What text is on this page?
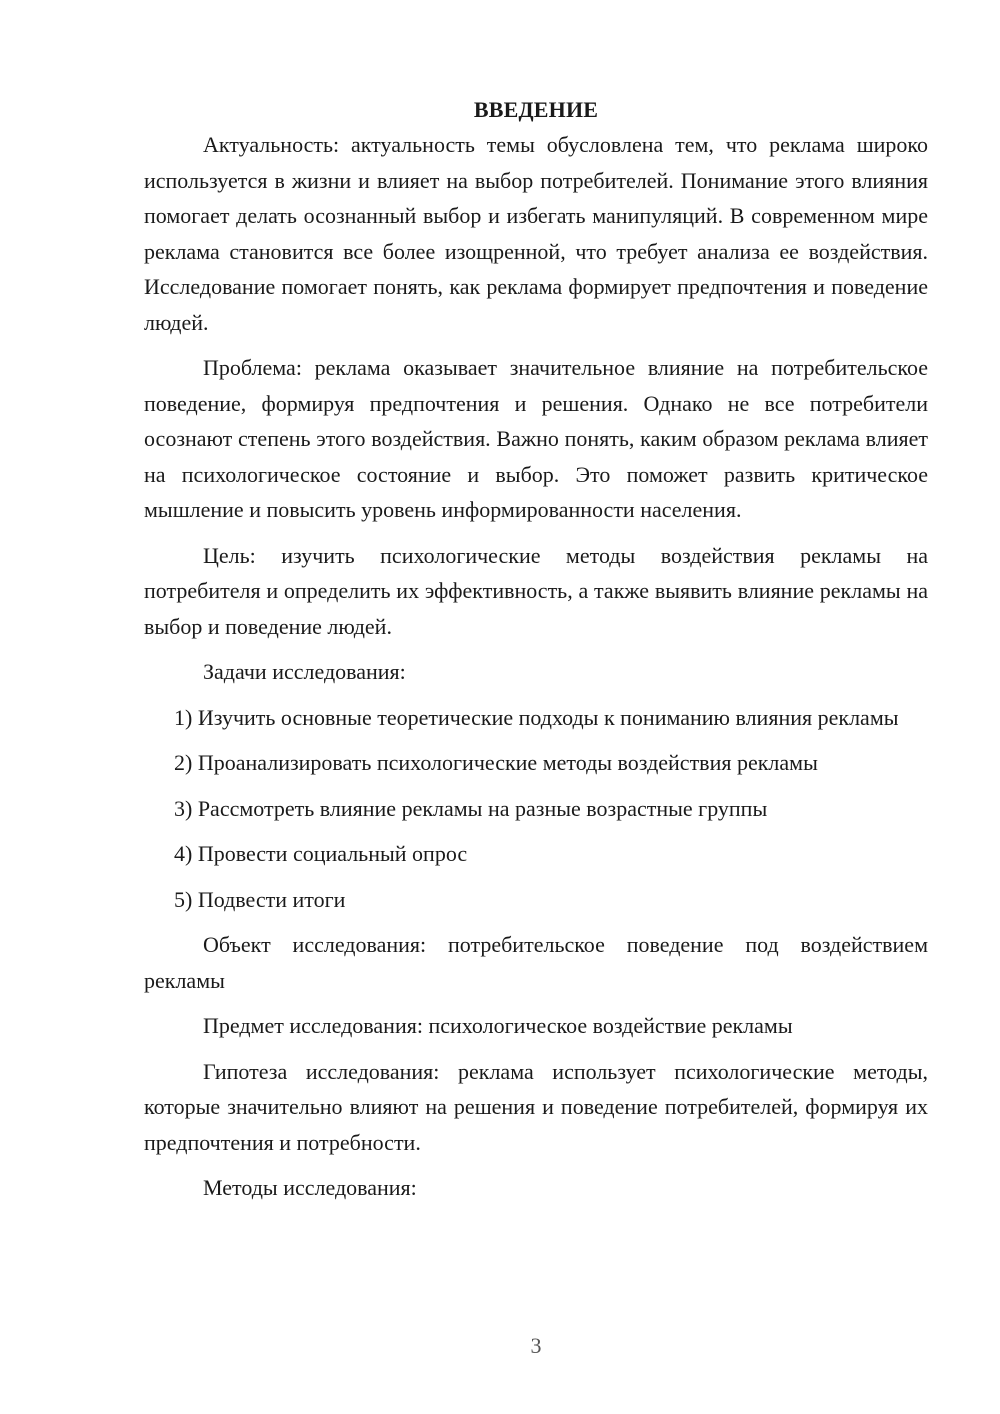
ВВЕДЕНИЕ

Актуальность: актуальность темы обусловлена тем, что реклама широко используется в жизни и влияет на выбор потребителей. Понимание этого влияния помогает делать осознанный выбор и избегать манипуляций. В современном мире реклама становится все более изощренной, что требует анализа ее воздействия. Исследование помогает понять, как реклама формирует предпочтения и поведение людей.

Проблема: реклама оказывает значительное влияние на потребительское поведение, формируя предпочтения и решения. Однако не все потребители осознают степень этого воздействия. Важно понять, каким образом реклама влияет на психологическое состояние и выбор. Это поможет развить критическое мышление и повысить уровень информированности населения.

Цель: изучить психологические методы воздействия рекламы на потребителя и определить их эффективность, а также выявить влияние рекламы на выбор и поведение людей.

Задачи исследования:

1) Изучить основные теоретические подходы к пониманию влияния рекламы

2) Проанализировать психологические методы воздействия рекламы

3) Рассмотреть влияние рекламы на разные возрастные группы

4) Провести социальный опрос

5) Подвести итоги

Объект исследования: потребительское поведение под воздействием рекламы

Предмет исследования: психологическое воздействие рекламы

Гипотеза исследования: реклама использует психологические методы, которые значительно влияют на решения и поведение потребителей, формируя их предпочтения и потребности.

Методы исследования:

3
